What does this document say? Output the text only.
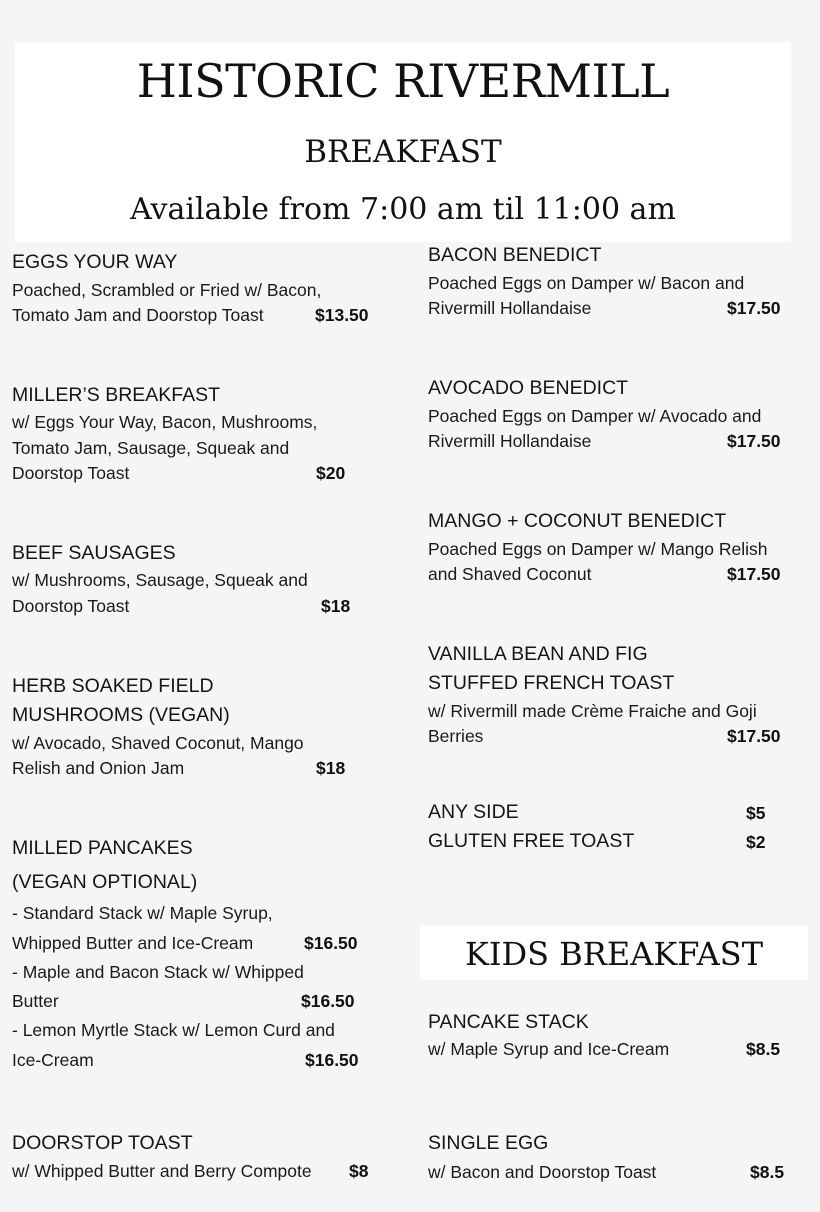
HISTORIC RIVERMILL
BREAKFAST
Available from 7:00 am til 11:00 am
EGGS YOUR WAY
Poached, Scrambled or Fried w/ Bacon,
Tomato Jam and Doorstop Toast	$13.50
MILLER’S BREAKFAST
w/ Eggs Your Way, Bacon, Mushrooms,
Tomato Jam, Sausage, Squeak and
Doorstop Toast	$20
BEEF SAUSAGES
w/ Mushrooms, Sausage, Squeak and
Doorstop Toast	$18
HERB SOAKED FIELD
MUSHROOMS (VEGAN)
w/ Avocado, Shaved Coconut, Mango
Relish and Onion Jam	$18
MILLED PANCAKES
(VEGAN OPTIONAL)
- Standard Stack w/ Maple Syrup,
Whipped Butter and Ice-Cream	$16.50
- Maple and Bacon Stack w/ Whipped
Butter	$16.50
- Lemon Myrtle Stack w/ Lemon Curd and
Ice-Cream	$16.50
DOORSTOP TOAST
w/ Whipped Butter and Berry Compote $8
BACON BENEDICT
Poached Eggs on Damper w/ Bacon and
Rivermill Hollandaise	$17.50
AVOCADO BENEDICT
Poached Eggs on Damper w/ Avocado and
Rivermill Hollandaise	$17.50
MANGO + COCONUT BENEDICT
Poached Eggs on Damper w/ Mango Relish
and Shaved Coconut	$17.50
VANILLA BEAN AND FIG
STUFFED FRENCH TOAST
w/ Rivermill made Crème Fraiche and Goji
Berries	$17.50
ANY SIDE	$5
GLUTEN FREE TOAST	$2
KIDS BREAKFAST
PANCAKE STACK
w/ Maple Syrup and Ice-Cream	$8.5
SINGLE EGG
w/ Bacon and Doorstop Toast	$8.5
